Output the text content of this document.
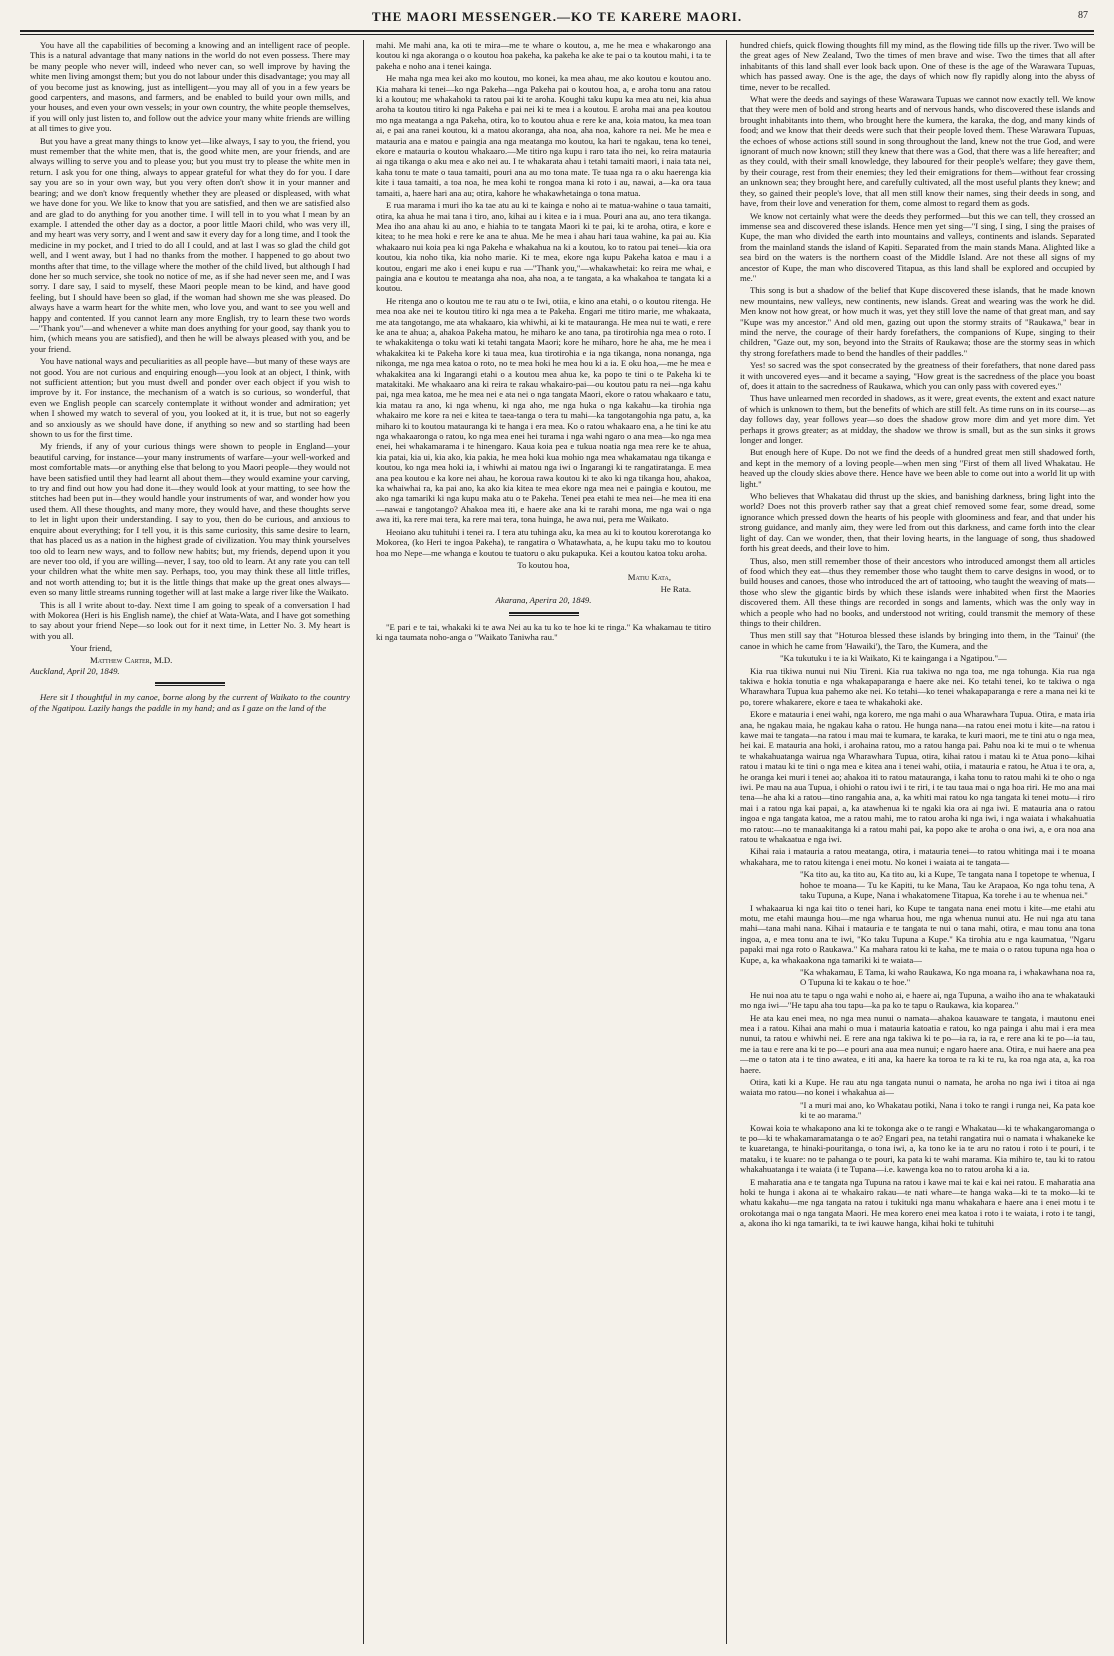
THE MAORI MESSENGER.—KO TE KARERE MAORI.	87

You have all the capabilities of becoming a knowing and an intelligent race of people. This is a natural advantage that many nations in the world do not even possess. There may be many people who never will, indeed who never can, so well improve by having the white men living amongst them; but you do not labour under this disadvantage; you may all of you become just as knowing, just as intelligent—you may all of you in a few years be good carpenters, and masons, and farmers, and be enabled to build your own mills, and your houses, and even your own vessels; in your own country, the white people themselves, if you will only just listen to, and follow out the advice your many white friends are willing at all times to give you.

But you have a great many things to know yet—like always, I say to you, the friend, you must remember that the white men, that is, the good white men, are your friends, and are always willing to serve you and to please you; but you must try to please the white men in return. I ask you for one thing, always to appear grateful for what they do for you. I dare say you are so in your own way, but you very often don't show it in your manner and bearing; and we don't know frequently whether they are pleased or displeased, with what we have done for you. We like to know that you are satisfied, and then we are satisfied also and are glad to do anything for you another time. I will tell in to you what I mean by an example. I attended the other day as a doctor, a poor little Maori child, who was very ill, and my heart was very sorry, and I went and saw it every day for a long time, and I took the medicine in my pocket, and I tried to do all I could, and at last I was so glad the child got well, and I went away, but I had no thanks from the mother. I happened to go about two months after that time, to the village where the mother of the child lived, but although I had done her so much service, she took no notice of me, as if she had never seen me, and I was sorry. I dare say, I said to myself, these Maori people mean to be kind, and have good feeling, but I should have been so glad, if the woman had shown me she was pleased. Do always have a warm heart for the white men, who love you, and want to see you well and happy and contented. If you cannot learn any more English, try to learn these two words—"Thank you"—and whenever a white man does anything for your good, say thank you to him, (which means you are satisfied), and then he will be always pleased with you, and be your friend.

You have national ways and peculiarities as all people have—but many of these ways are not good. You are not curious and enquiring enough—you look at an object, I think, with not sufficient attention; but you must dwell and ponder over each object if you wish to improve by it. For instance, the mechanism of a watch is so curious, so wonderful, that even we English people can scarcely contemplate it without wonder and admiration; yet when I showed my watch to several of you, you looked at it, it is true, but not so eagerly and so anxiously as we should have done, if anything so new and so startling had been shown to us for the first time.

My friends, if any of your curious things were shown to people in England—your beautiful carving, for instance—your many instruments of warfare—your well-worked and most comfortable mats—or anything else that belong to you Maori people—they would not have been satisfied until they had learnt all about them—they would examine your carving, to try and find out how you had done it—they would look at your matting, to see how the stitches had been put in—they would handle your instruments of war, and wonder how you used them. All these thoughts, and many more, they would have, and these thoughts serve to let in light upon their understanding. I say to you, then do be curious, and anxious to enquire about everything; for I tell you, it is this same curiosity, this same desire to learn, that has placed us as a nation in the highest grade of civilization. You may think yourselves too old to learn new ways, and to follow new habits; but, my friends, depend upon it you are never too old, if you are willing—never, I say, too old to learn. At any rate you can tell your children what the white men say. Perhaps, too, you may think these all little trifles, and not worth attending to; but it is the little things that make up the great ones always—even so many little streams running together will at last make a large river like the Waikato.

This is all I write about to-day. Next time I am going to speak of a conversation I had with Mokorea (Heri is his English name), the chief at Wata-Wata, and I have got something to say about your friend Nepe—so look out for it next time, in Letter No. 3. My heart is with you all.

Your friend,

Matthew Carter, M.D.

Auckland, April 20, 1849.

Here sit I thoughtful in my canoe, borne along by the current of Waikato to the country of the Ngatipou. Lazily hangs the paddle in my hand; and as I gaze on the land of the

mahi. Me mahi ana, ka oti te mira—me te whare o koutou, a, me he mea e whakarongo ana koutou ki nga akoranga o o koutou hoa pakeha, ka pakeha ke ake te pai o ta koutou mahi, i ta te pakeha e noho ana i tenei kainga.

He maha nga mea kei ako mo koutou, mo konei, ka mea ahau, me ako koutou e koutou ano. Kia mahara ki tenei—ko nga Pakeha—nga Pakeha pai o koutou hoa, a, e aroha tonu ana ratou ki a koutou; me whakahoki ta ratou pai ki te aroha. Koughi taku kupu ka mea atu nei, kia ahua aroha ta koutou titiro ki nga Pakeha e pai nei ki te mea i a koutou. E aroha mai ana pea koutou mo nga meatanga a nga Pakeha, otira, ko to koutou ahua e rere ke ana, koia matou, ka mea toan ai, e pai ana ranei koutou, ki a matou akoranga, aha noa, aha noa, kahore ra nei. Me he mea e matauria ana e matou e paingia ana nga meatanga mo koutou, ka hari te ngakau, tena ko tenei, ekore e matauria o koutou whakaaro.—Me titiro nga kupu i raro tata iho nei, ko reira matauria ai nga tikanga o aku mea e ako nei au. I te whakarata ahau i tetahi tamaiti maori, i naia tata nei, kaha tonu te mate o taua tamaiti, pouri ana au mo tona mate. Te tuaa nga ra o aku haerenga kia kite i taua tamaiti, a toa noa, he mea kohi te rongoa mana ki roto i au, nawai, a—ka ora taua tamaiti, a, haere hari ana au; otira, kahore he whakawhetainga o tona matua.

E rua marama i muri iho ka tae atu au ki te kainga e noho ai te matua-wahine o taua tamaiti, otira, ka ahua he mai tana i tiro, ano, kihai au i kitea e ia i mua. Pouri ana au, ano tera tikanga. Mea iho ana ahau ki au ano, e hiahia to te tangata Maori ki te pai, ki te aroha, otira, e kore e kitea; to he mea hoki e rere ke ana te ahua. Me he mea i ahau hari taua wahine, ka pai au. Kia whakaaro nui koia pea ki nga Pakeha e whakahua na ki a koutou, ko to ratou pai tenei—kia ora koutou, kia noho tika, kia noho marie. Ki te mea, ekore nga kupu Pakeha katoa e mau i a koutou, engari me ako i enei kupu e rua —"Thank you,"—whakawhetai: ko reira me whai, e paingia ana e koutou te meatanga aha noa, aha noa, a te tangata, a ka whakahoa te tangata ki a koutou.

He ritenga ano o koutou me te rau atu o te Iwi, otiia, e kino ana etahi, o o koutou ritenga. He mea noa ake nei te koutou titiro ki nga mea a te Pakeha. Engari me titiro marie, me whakaata, me ata tangotango, me ata whakaaro, kia whiwhi, ai ki te matauranga. He mea nui te wati, e rere ke ana te ahua; a, ahakoa Pakeha matou, he miharo ke ano tana, pa tirotirohia nga mea o roto. I te whakakitenga o toku wati ki tetahi tangata Maori; kore he miharo, hore he aha, me he mea i whakakitea ki te Pakeha kore ki taua mea, kua tirotirohia e ia nga tikanga, nona nonanga, nga nikonga, me nga mea katoa o roto, no te mea hoki he mea hou ki a ia. E oku hoa,—me he mea e whakakitea ana ki Ingarangi etahi o a koutou mea ahua ke, ka popo te tini o te Pakeha ki te matakitaki. Me whakaaro ana ki reira te rakau whakairo-pai—ou koutou patu ra nei—nga kahu pai, nga mea katoa, me he mea nei e ata nei o nga tangata Maori, ekore o ratou whakaaro e tatu, kia matau ra ano, ki nga whenu, ki nga aho, me nga huka o nga kakahu—ka tirohia nga whakairo me kore ra nei e kitea te taea-tanga o tera tu mahi—ka tangotangohia nga patu, a, ka miharo ki to koutou matauranga ki te hanga i era mea. Ko o ratou whakaaro ena, a he tini ke atu nga whakaaronga o ratou, ko nga mea enei hei turama i nga wahi ngaro o ana mea—ko nga mea enei, hei whakamarama i te hinengaro. Kaua koia pea e tukua noatia nga mea rere ke te ahua, kia patai, kia ui, kia ako, kia pakia, he mea hoki kua mohio nga mea whakamatau nga tikanga e koutou, ko nga mea hoki ia, i whiwhi ai matou nga iwi o Ingarangi ki te rangatiratanga. E mea ana pea koutou e ka kore nei ahau, he koroua rawa koutou ki te ako ki nga tikanga hou, ahakoa, ka whaiwhai ra, ka pai ano, ka ako kia kitea te mea ekore nga mea nei e paingia e koutou, me ako nga tamariki ki nga kupu maka atu o te Pakeha. Tenei pea etahi te mea nei—he mea iti ena—nawai e tangotango? Ahakoa mea iti, e haere ake ana ki te rarahi mona, me nga wai o nga awa iti, ka rere mai tera, ka rere mai tera, tona huinga, he awa nui, pera me Waikato.

Heoiano aku tuhituhi i tenei ra. I tera atu tuhinga aku, ka mea au ki to koutou korerotanga ko Mokorea, (ko Heri te ingoa Pakeha), te rangatira o Whatawhata, a, he kupu taku mo to koutou hoa mo Nepe—me whanga e koutou te tuatoru o aku pukapuka. Kei a koutou katoa toku aroha.

To koutou hoa,

Matiu Kata,

He Rata.

Akarana, Aperira 20, 1849.

"E pari e te tai, whakaki ki te awa Nei au ka tu ko te hoe ki te ringa." Ka whakamau te titiro ki nga taumata noho-anga o "Waikato Taniwha rau."

hundred chiefs, quick flowing thoughts fill my mind, as the flowing tide fills up the river. Two will be the great ages of New Zealand, Two the times of men brave and wise. Two the times that all after inhabitants of this land shall ever look back upon. One of these is the age of the Warawara Tupuas, which has passed away. One is the age, the days of which now fly rapidly along into the abyss of time, never to be recalled.

What were the deeds and sayings of these Warawara Tupuas we cannot now exactly tell. We know that they were men of bold and strong hearts and of nervous hands, who discovered these islands and brought inhabitants into them, who brought here the kumera, the karaka, the dog, and many kinds of food; and we know that their deeds were such that their people loved them. These Warawara Tupuas, the echoes of whose actions still sound in song throughout the land, knew not the true God, and were ignorant of much now known; still they knew that there was a God, that there was a life hereafter; and as they could, with their small knowledge, they laboured for their people's welfare; they gave them, by their courage, rest from their enemies; they led their emigrations for them—without fear crossing an unknown sea; they brought here, and carefully cultivated, all the most useful plants they knew; and they, so gained their people's love, that all men still know their names, sing their deeds in song, and have, from their love and veneration for them, come almost to regard them as gods.

We know not certainly what were the deeds they performed—but this we can tell, they crossed an immense sea and discovered these islands. Hence men yet sing—"I sing, I sing, I sing the praises of Kupe, the man who divided the earth into mountains and valleys, continents and islands. Separated from the mainland stands the island of Kapiti. Separated from the main stands Mana. Alighted like a sea bird on the waters is the northern coast of the Middle Island. Are not these all signs of my ancestor of Kupe, the man who discovered Titapua, as this land shall be explored and occupied by me."

This song is but a shadow of the belief that Kupe discovered these islands, that he made known new mountains, new valleys, new continents, new islands. Great and wearing was the work he did. Men know not how great, or how much it was, yet they still love the name of that great man, and say "Kupe was my ancestor." And old men, gazing out upon the stormy straits of "Raukawa," bear in mind the nerve, the courage of their hardy forefathers, the companions of Kupe, singing to their children, "Gaze out, my son, beyond into the Straits of Raukawa; those are the stormy seas in which thy strong forefathers made to bend the handles of their paddles."

Yes! so sacred was the spot consecrated by the greatness of their forefathers, that none dared pass it with uncovered eyes—and it became a saying, "How great is the sacredness of the place you boast of, does it attain to the sacredness of Raukawa, which you can only pass with covered eyes."

Thus have unlearned men recorded in shadows, as it were, great events, the extent and exact nature of which is unknown to them, but the benefits of which are still felt. As time runs on in its course—as day follows day, year follows year—so does the shadow grow more dim and yet more dim. Yet perhaps it grows greater; as at midday, the shadow we throw is small, but as the sun sinks it grows longer and longer.

But enough here of Kupe. Do not we find the deeds of a hundred great men still shadowed forth, and kept in the memory of a loving people—when men sing "First of them all lived Whakatau. He heaved up the cloudy skies above there. Hence have we been able to come out into a world lit up with light."

Who believes that Whakatau did thrust up the skies, and banishing darkness, bring light into the world? Does not this proverb rather say that a great chief removed some fear, some dread, some ignorance which pressed down the hearts of his people with gloominess and fear, and that under his strong guidance, and manly aim, they were led from out this darkness, and came forth into the clear light of day. Can we wonder, then, that their loving hearts, in the language of song, thus shadowed forth his great deeds, and their love to him.

Thus, also, men still remember those of their ancestors who introduced amongst them all articles of food which they eat—thus they remember those who taught them to carve designs in wood, or to build houses and canoes, those who introduced the art of tattooing, who taught the weaving of mats—those who slew the gigantic birds by which these islands were inhabited when first the Maories discovered them. All these things are recorded in songs and laments, which was the only way in which a people who had no books, and understood not writing, could transmit the memory of these things to their children.

Thus men still say that "Hoturoa blessed these islands by bringing into them, in the 'Tainui' (the canoe in which he came from 'Hawaiki'), the Taro, the Kumera, and the

"Ka tukutuku i te ia ki Waikato, Ki te kainganga i a Ngatipou."—

Kia rua tikiwa nunui nui Niu Tireni. Kia rua takiwa no nga toa, me nga tohunga. Kia rua nga takiwa e hokia tonutia e nga whakapaparanga e haere ake nei. Ko tetahi tenei, ko te takiwa o nga Wharawhara Tupua kua pahemo ake nei. Ko tetahi—ko tenei whakapaparanga e rere a mana nei ki te po, torere whakarere, ekore e taea te whakahoki ake.

Ekore e matauria i enei wahi, nga korero, me nga mahi o aua Wharawhara Tupua. Otira, e mata iria ana, he ngakau maia, he ngakau kaha o ratou. He hunga nana—na ratou enei motu i kite—na ratou i kawe mai te tangata—na ratou i mau mai te kumara, te karaka, te kuri maori, me te tini atu o nga mea, hei kai. E matauria ana hoki, i arohaina ratou, mo a ratou hanga pai. Pahu noa ki te mui o te whenua te whakahuatanga wairua nga Wharawhara Tupua, otira, kihai ratou i matau ki te Atua pono—kihai ratou i matau ki te tini o nga mea e kitea ana i tenei wahi, otiia, i matauria e ratou, he Atua i te ora, a, he oranga kei muri i tenei ao; ahakoa iti to ratou matauranga, i kaha tonu to ratou mahi ki te oho o nga iwi. Pe mau na aua Tupua, i ohiohi o ratou iwi i te riri, i te tau taua mai o nga hoa riri. He mo ana mai tena—he aha ki a ratou—tino rangahia ana, a, ka whiti mai ratou ko nga tangata ki tenei motu—i riro mai i a ratou nga kai papai, a, ka atawhenua ki te ngaki kia ora ai nga iwi. E matauria ana o ratou ingoa e nga tangata katoa, me a ratou mahi, me to ratou aroha ki nga iwi, i nga waiata i whakahuatia mo ratou:—no te manaakitanga ki a ratou mahi pai, ka popo ake te aroha o ona iwi, a, e ora noa ana ratou te whakaatua e nga iwi.

Kihai raia i matauria a ratou meatanga, otira, i matauria tenei—to ratou whitinga mai i te moana whakahara, me to ratou kitenga i enei motu. No konei i waiata ai te tangata—

"Ka tito au, ka tito au, Ka tito au, ki a Kupe, Te tangata nana I topetope te whenua, I hohoe te moana— Tu ke Kapiti, tu ke Mana, Tau ke Arapaoa, Ko nga tohu tena, A taku Tupuna, a Kupe, Nana i whakatomene Titapua, Ka torehe i au te whenua nei."

I whakaarua ki nga kai tito o tenei hari, ko Kupe te tangata nana enei motu i kite—me etahi atu motu, me etahi maunga hou—me nga wharua hou, me nga whenua nunui atu. He nui nga atu tana mahi—tana mahi nana. Kihai i matauria e te tangata te nui o tana mahi, otira, e mau tonu ana tona ingoa, a, e mea tonu ana te iwi, "Ko taku Tupuna a Kupe." Ka tirohia atu e nga kaumatua, "Ngaru papaki mai nga roto o Raukawa." Ka mahara ratou ki te kaha, me te maia o o ratou tupuna nga hoa o Kupe, a, ka whakaakona nga tamariki ki te waiata—

"Ka whakamau, E Tama, ki waho Raukawa, Ko nga moana ra, i whakawhana noa ra, O Tupuna ki te kakau o te hoe."

He nui noa atu te tapu o nga wahi e noho ai, e haere ai, nga Tupuna, a waiho iho ana te whakatauki mo nga iwi—"He tapu aha tou tapu—ka pa ko te tapu o Raukawa, kia koparea."

He ata kau enei mea, no nga mea nunui o namata—ahakoa kauaware te tangata, i mautonu enei mea i a ratou. Kihai ana mahi o mua i matauria katoatia e ratou, ko nga painga i ahu mai i era mea nunui, ta ratou e whiwhi nei. E rere ana nga takiwa ki te po—ia ra, ia ra, e rere ana ki te po—ia tau, me ia tau e rere ana ki te po—e pouri ana aua mea nunui; e ngaro haere ana. Otira, e nui haere ana pea—me o taton ata i te tino awatea, e iti ana, ka haere ka toroa te ra ki te ru, ka roa nga ata, a, ka roa haere.

Otira, kati ki a Kupe. He rau atu nga tangata nunui o namata, he aroha no nga iwi i titoa ai nga waiata mo ratou—no konei i whakahua ai—

"I a muri mai ano, ko Whakatau potiki, Nana i toko te rangi i runga nei, Ka pata koe ki te ao marama."

Kowai koia te whakapono ana ki te tokonga ake o te rangi e Whakatau—ki te whakangaromanga o te po—ki te whakamaramatanga o te ao? Engari pea, na tetahi rangatira nui o namata i whakaneke ke te kuaretanga, te hinaki-pouritanga, o tona iwi, a, ka tono ke ia te aru no ratou i roto i te pouri, i te mataku, i te kuare: no te pahanga o te pouri, ka pata ki te wahi marama. Kia mihiro te, tau ki to ratou whakahuatanga i te waiata (i te Tupana—i.e. kawenga koa no to ratou aroha ki a ia.

E maharatia ana e te tangata nga Tupuna na ratou i kawe mai te kai e kai nei ratou. E maharatia ana hoki te hunga i akona ai te whakairo rakau—te nati whare—te hanga waka—ki te ta moko—ki te whatu kakahu—me nga tangata na ratou i tukituki nga manu whakahara e haere ana i enei motu i te orokotanga mai o nga tangata Maori. He mea korero enei mea katoa i roto i te waiata, i roto i te tangi, a, akona iho ki nga tamariki, ta te iwi kauwe hanga, kihai hoki te tuhituhi
